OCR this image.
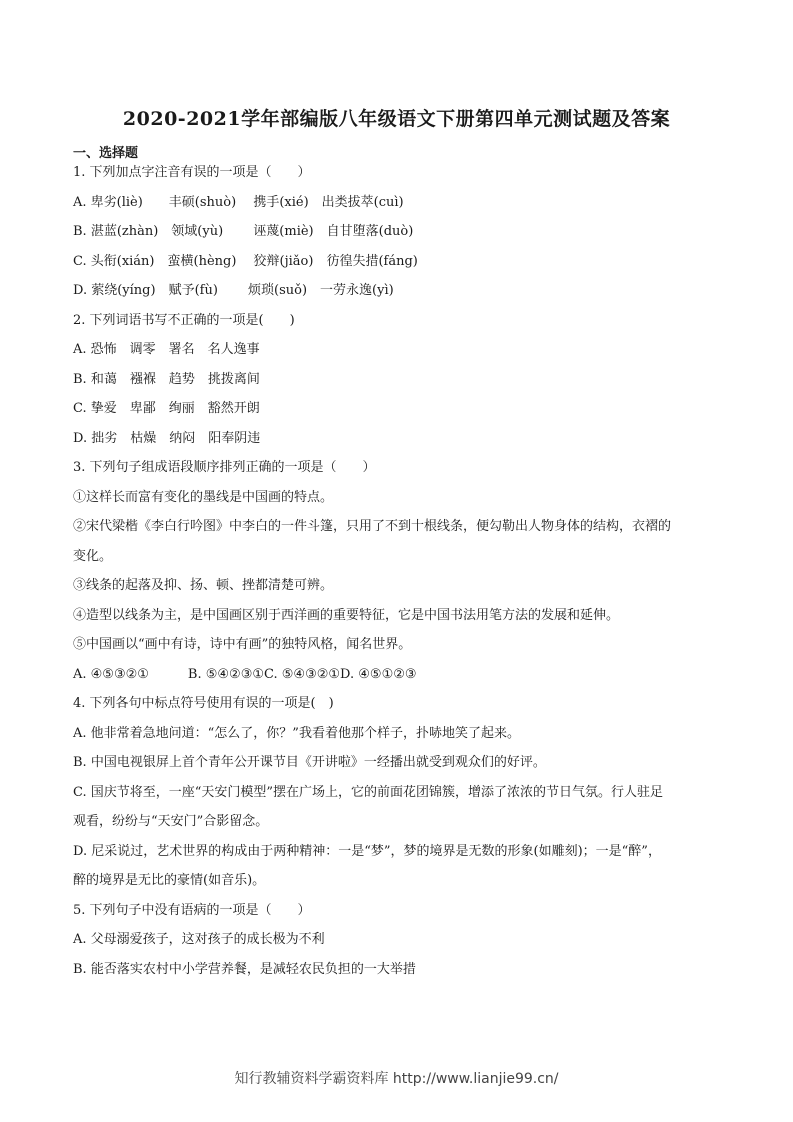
2020-2021学年部编版八年级语文下册第四单元测试题及答案
一、选择题

1. 下列加点字注音有误的一项是（　　）

A. 卑劣(liè)　　丰硕(shuò)　 携手(xié)　出类拔萃(cuì)

B. 湛蓝(zhàn)　领域(yù)　　 诬蔑(miè)　自甘堕落(duò)

C. 头衔(xián)　蛮横(hèng)　 狡辩(jiǎo)　彷徨失措(fáng)

D. 萦绕(yíng)　赋予(fù)　　 烦琐(suǒ)　一劳永逸(yì)

2. 下列词语书写不正确的一项是(　　)

A. 恐怖　调零　署名　名人逸事

B. 和蔼　襁褓　趋势　挑拨离间

C. 挚爱　卑鄙　绚丽　豁然开朗

D. 拙劣　枯燥　纳闷　阳奉阴违

3. 下列句子组成语段顺序排列正确的一项是（　　）

①这样长而富有变化的墨线是中国画的特点。

②宋代梁楷《李白行吟图》中李白的一件斗篷，只用了不到十根线条，便勾勒出人物身体的结构，衣褶的

变化。

③线条的起落及抑、扬、顿、挫都清楚可辨。

④造型以线条为主，是中国画区别于西洋画的重要特征，它是中国书法用笔方法的发展和延伸。

⑤中国画以“画中有诗，诗中有画”的独特风格，闻名世界。

A. ④⑤③②①　　　B. ⑤④②③①C. ⑤④③②①D. ④⑤①②③

4. 下列各句中标点符号使用有误的一项是(　)

A. 他非常着急地问道：“怎么了，你？”我看着他那个样子，扑哧地笑了起来。

B. 中国电视银屏上首个青年公开课节目《开讲啦》一经播出就受到观众们的好评。

C. 国庆节将至，一座“天安门模型”摆在广场上，它的前面花团锦簇，增添了浓浓的节日气氛。行人驻足

观看，纷纷与“天安门”合影留念。

D. 尼采说过，艺术世界的构成由于两种精神：一是“梦”，梦的境界是无数的形象(如雕刻)；一是“醉”，

醉的境界是无比的豪情(如音乐)。

5. 下列句子中没有语病的一项是（　　）

A. 父母溺爱孩子，这对孩子的成长极为不利

B. 能否落实农村中小学营养餐，是减轻农民负担的一大举措

知行教辅资料学霸资料库 http://www.lianjie99.cn/
